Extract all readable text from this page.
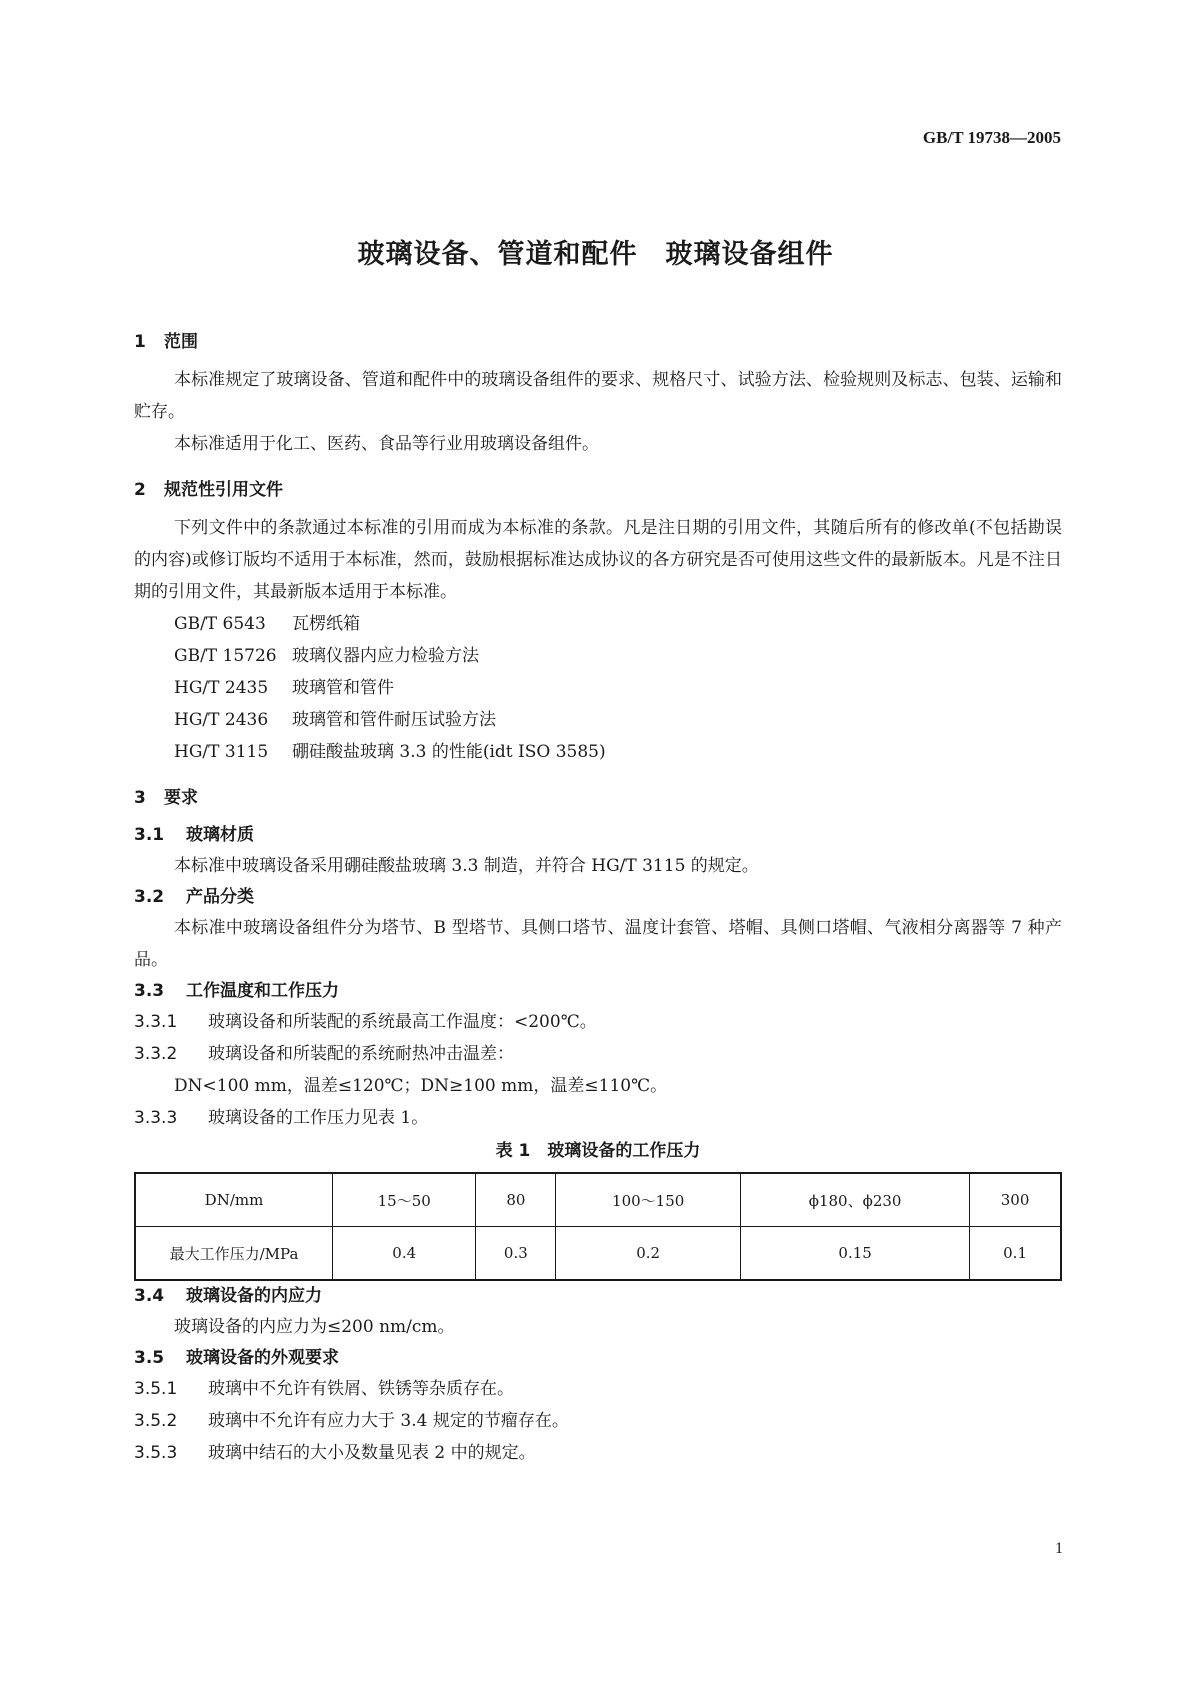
GB/T 19738—2005
玻璃设备、管道和配件　玻璃设备组件
1 范围

本标准规定了玻璃设备、管道和配件中的玻璃设备组件的要求、规格尺寸、试验方法、检验规则及标志、包装、运输和贮存。

本标准适用于化工、医药、食品等行业用玻璃设备组件。

2 规范性引用文件

下列文件中的条款通过本标准的引用而成为本标准的条款。凡是注日期的引用文件，其随后所有的修改单(不包括勘误的内容)或修订版均不适用于本标准，然而，鼓励根据标准达成协议的各方研究是否可使用这些文件的最新版本。凡是不注日期的引用文件，其最新版本适用于本标准。

GB/T 6543 瓦楞纸箱
GB/T 15726 玻璃仪器内应力检验方法
HG/T 2435 玻璃管和管件
HG/T 2436 玻璃管和管件耐压试验方法
HG/T 3115 硼硅酸盐玻璃 3.3 的性能(idt ISO 3585)
3 要求
3.1 玻璃材质

本标准中玻璃设备采用硼硅酸盐玻璃 3.3 制造，并符合 HG/T 3115 的规定。

3.2 产品分类

本标准中玻璃设备组件分为塔节、B 型塔节、具侧口塔节、温度计套管、塔帽、具侧口塔帽、气液相分离器等 7 种产品。

3.3 工作温度和工作压力
3.3.1 玻璃设备和所装配的系统最高工作温度：<200℃。
3.3.2 玻璃设备和所装配的系统耐热冲击温差：
DN<100 mm，温差≤120℃；DN≥100 mm，温差≤110℃。
3.3.3 玻璃设备的工作压力见表 1。
表 1　玻璃设备的工作压力
DN/mm	15～50	80	100～150	ϕ180、ϕ230	300
最大工作压力/MPa	0.4	0.3	0.2	0.15	0.1
3.4 玻璃设备的内应力

玻璃设备的内应力为≤200 nm/cm。

3.5 玻璃设备的外观要求
3.5.1 玻璃中不允许有铁屑、铁锈等杂质存在。
3.5.2 玻璃中不允许有应力大于 3.4 规定的节瘤存在。
3.5.3 玻璃中结石的大小及数量见表 2 中的规定。
1
